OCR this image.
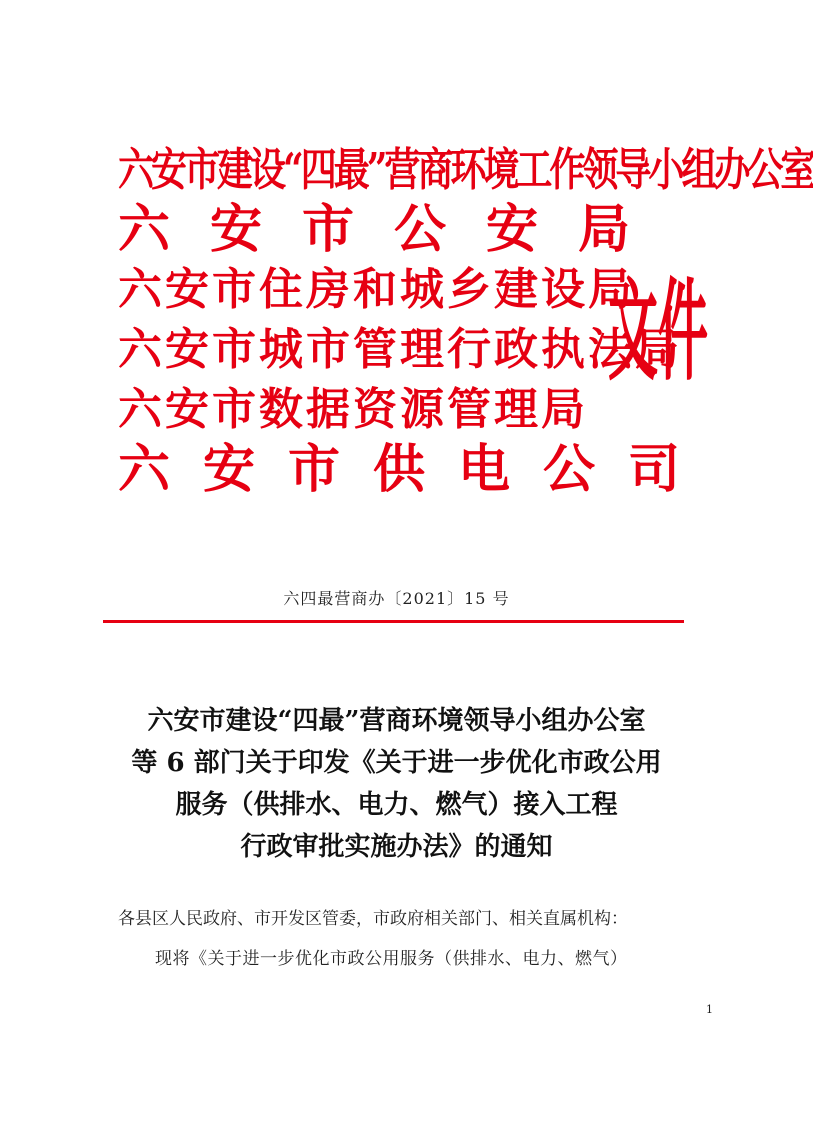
六安市建设“四最”营商环境工作领导小组办公室
六安市公安局
六安市住房和城乡建设局
六安市城市管理行政执法局
六安市数据资源管理局
六安市供电公司
文件
六四最营商办〔2021〕15 号
六安市建设“四最”营商环境领导小组办公室
等 6 部门关于印发《关于进一步优化市政公用
服务（供排水、电力、燃气）接入工程
行政审批实施办法》的通知
各县区人民政府、市开发区管委，市政府相关部门、相关直属机构：
现将《关于进一步优化市政公用服务（供排水、电力、燃气）
1
